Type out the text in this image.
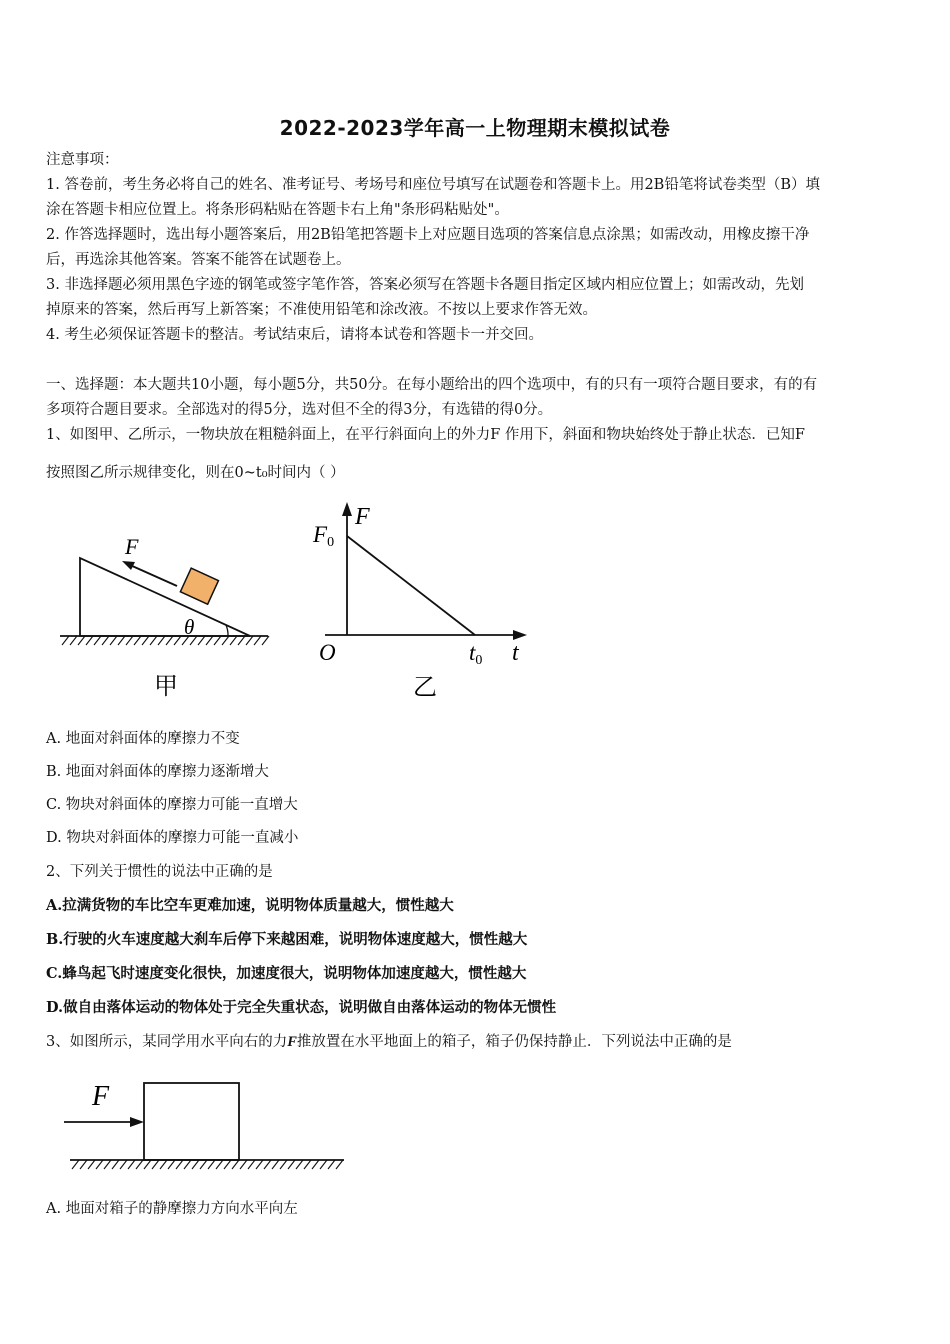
2022-2023学年高一上物理期末模拟试卷
注意事项：
1. 答卷前，考生务必将自己的姓名、准考证号、考场号和座位号填写在试题卷和答题卡上。用2B铅笔将试卷类型（B）填
涂在答题卡相应位置上。将条形码粘贴在答题卡右上角"条形码粘贴处"。
2. 作答选择题时，选出每小题答案后，用2B铅笔把答题卡上对应题目选项的答案信息点涂黑；如需改动，用橡皮擦干净
后，再选涂其他答案。答案不能答在试题卷上。
3. 非选择题必须用黑色字迹的钢笔或签字笔作答，答案必须写在答题卡各题目指定区域内相应位置上；如需改动，先划
掉原来的答案，然后再写上新答案；不准使用铅笔和涂改液。不按以上要求作答无效。
4. 考生必须保证答题卡的整洁。考试结束后，请将本试卷和答题卡一并交回。
一、选择题：本大题共10小题，每小题5分，共50分。在每小题给出的四个选项中，有的只有一项符合题目要求，有的有
多项符合题目要求。全部选对的得5分，选对但不全的得3分，有选错的得0分。
1、如图甲、乙所示，一物块放在粗糙斜面上，在平行斜面向上的外力F 作用下，斜面和物块始终处于静止状态．已知F
按照图乙所示规律变化，则在0~t₀时间内（ ）
F
θ
甲
F
F0
O	t0 t
乙
A. 地面对斜面体的摩擦力不变
B. 地面对斜面体的摩擦力逐渐增大
C. 物块对斜面体的摩擦力可能一直增大
D. 物块对斜面体的摩擦力可能一直减小
2、下列关于惯性的说法中正确的是
A.拉满货物的车比空车更难加速，说明物体质量越大，惯性越大
B.行驶的火车速度越大刹车后停下来越困难，说明物体速度越大，惯性越大
C.蜂鸟起飞时速度变化很快，加速度很大，说明物体加速度越大，惯性越大
D.做自由落体运动的物体处于完全失重状态，说明做自由落体运动的物体无惯性
3、如图所示，某同学用水平向右的力F推放置在水平地面上的箱子，箱子仍保持静止．下列说法中正确的是
F
A. 地面对箱子的静摩擦力方向水平向左
